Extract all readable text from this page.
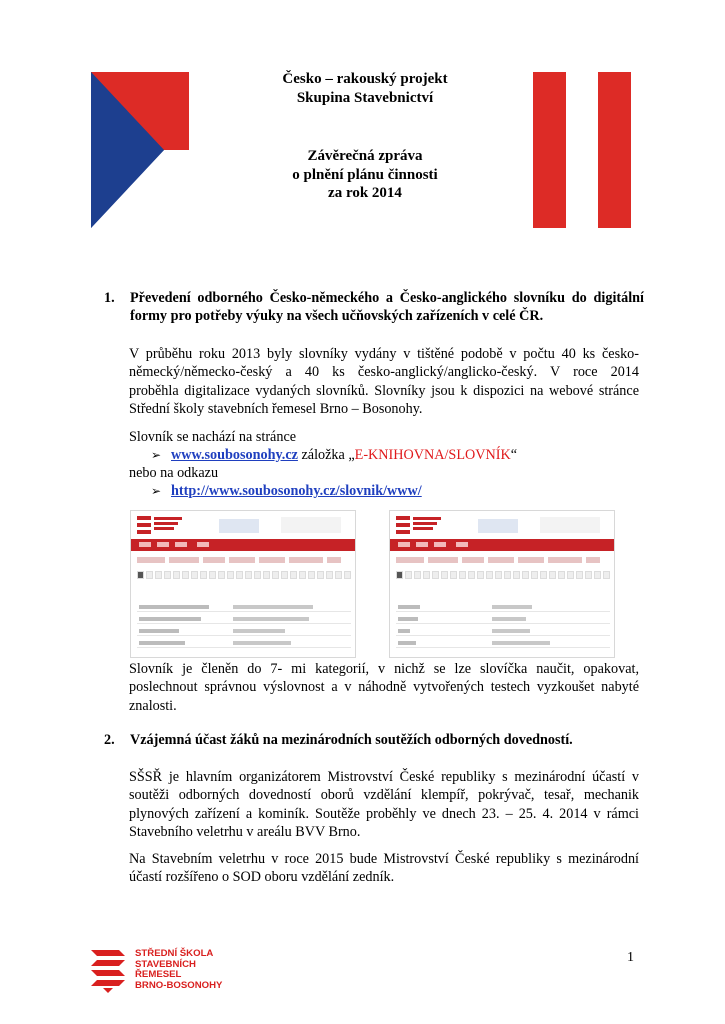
Česko – rakouský projekt
Skupina Stavebnictví
Závěrečná zpráva
o plnění plánu činnosti
za rok 2014
1. Převedení odborného Česko-německého a Česko-anglického slovníku do digitální
formy pro potřeby výuky na všech učňovských zařízeních v celé ČR.
V průběhu roku 2013 byly slovníky vydány v tištěné podobě v počtu 40 ks česko-
německý/německo-český a 40 ks česko-anglický/anglicko-český. V roce 2014
proběhla digitalizace vydaných slovníků. Slovníky jsou k dispozici na webové stránce
Střední školy stavebních řemesel Brno – Bosonohy.
Slovník se nachází na stránce
➢ www.soubosonohy.cz záložka „E-KNIHOVNA/SLOVNÍK“
nebo na odkazu
➢ http://www.soubosonohy.cz/slovnik/www/
Slovník je členěn do 7- mi kategorií, v nichž se lze slovíčka naučit, opakovat,
poslechnout správnou výslovnost a v náhodně vytvořených testech vyzkoušet nabyté
znalosti.
2. Vzájemná účast žáků na mezinárodních soutěžích odborných dovedností.
SŠSŘ je hlavním organizátorem Mistrovství České republiky s mezinárodní účastí v
soutěži odborných dovedností oborů vzdělání klempíř, pokrývač, tesař, mechanik
plynových zařízení a kominík. Soutěže proběhly ve dnech 23. – 25. 4. 2014 v rámci
Stavebního veletrhu v areálu BVV Brno.
Na Stavebním veletrhu v roce 2015 bude Mistrovství České republiky s mezinárodní
účastí rozšířeno o SOD oboru vzdělání zedník.
STŘEDNÍ ŠKOLA
STAVEBNÍCH
ŘEMESEL
BRNO-BOSONOHY
1
